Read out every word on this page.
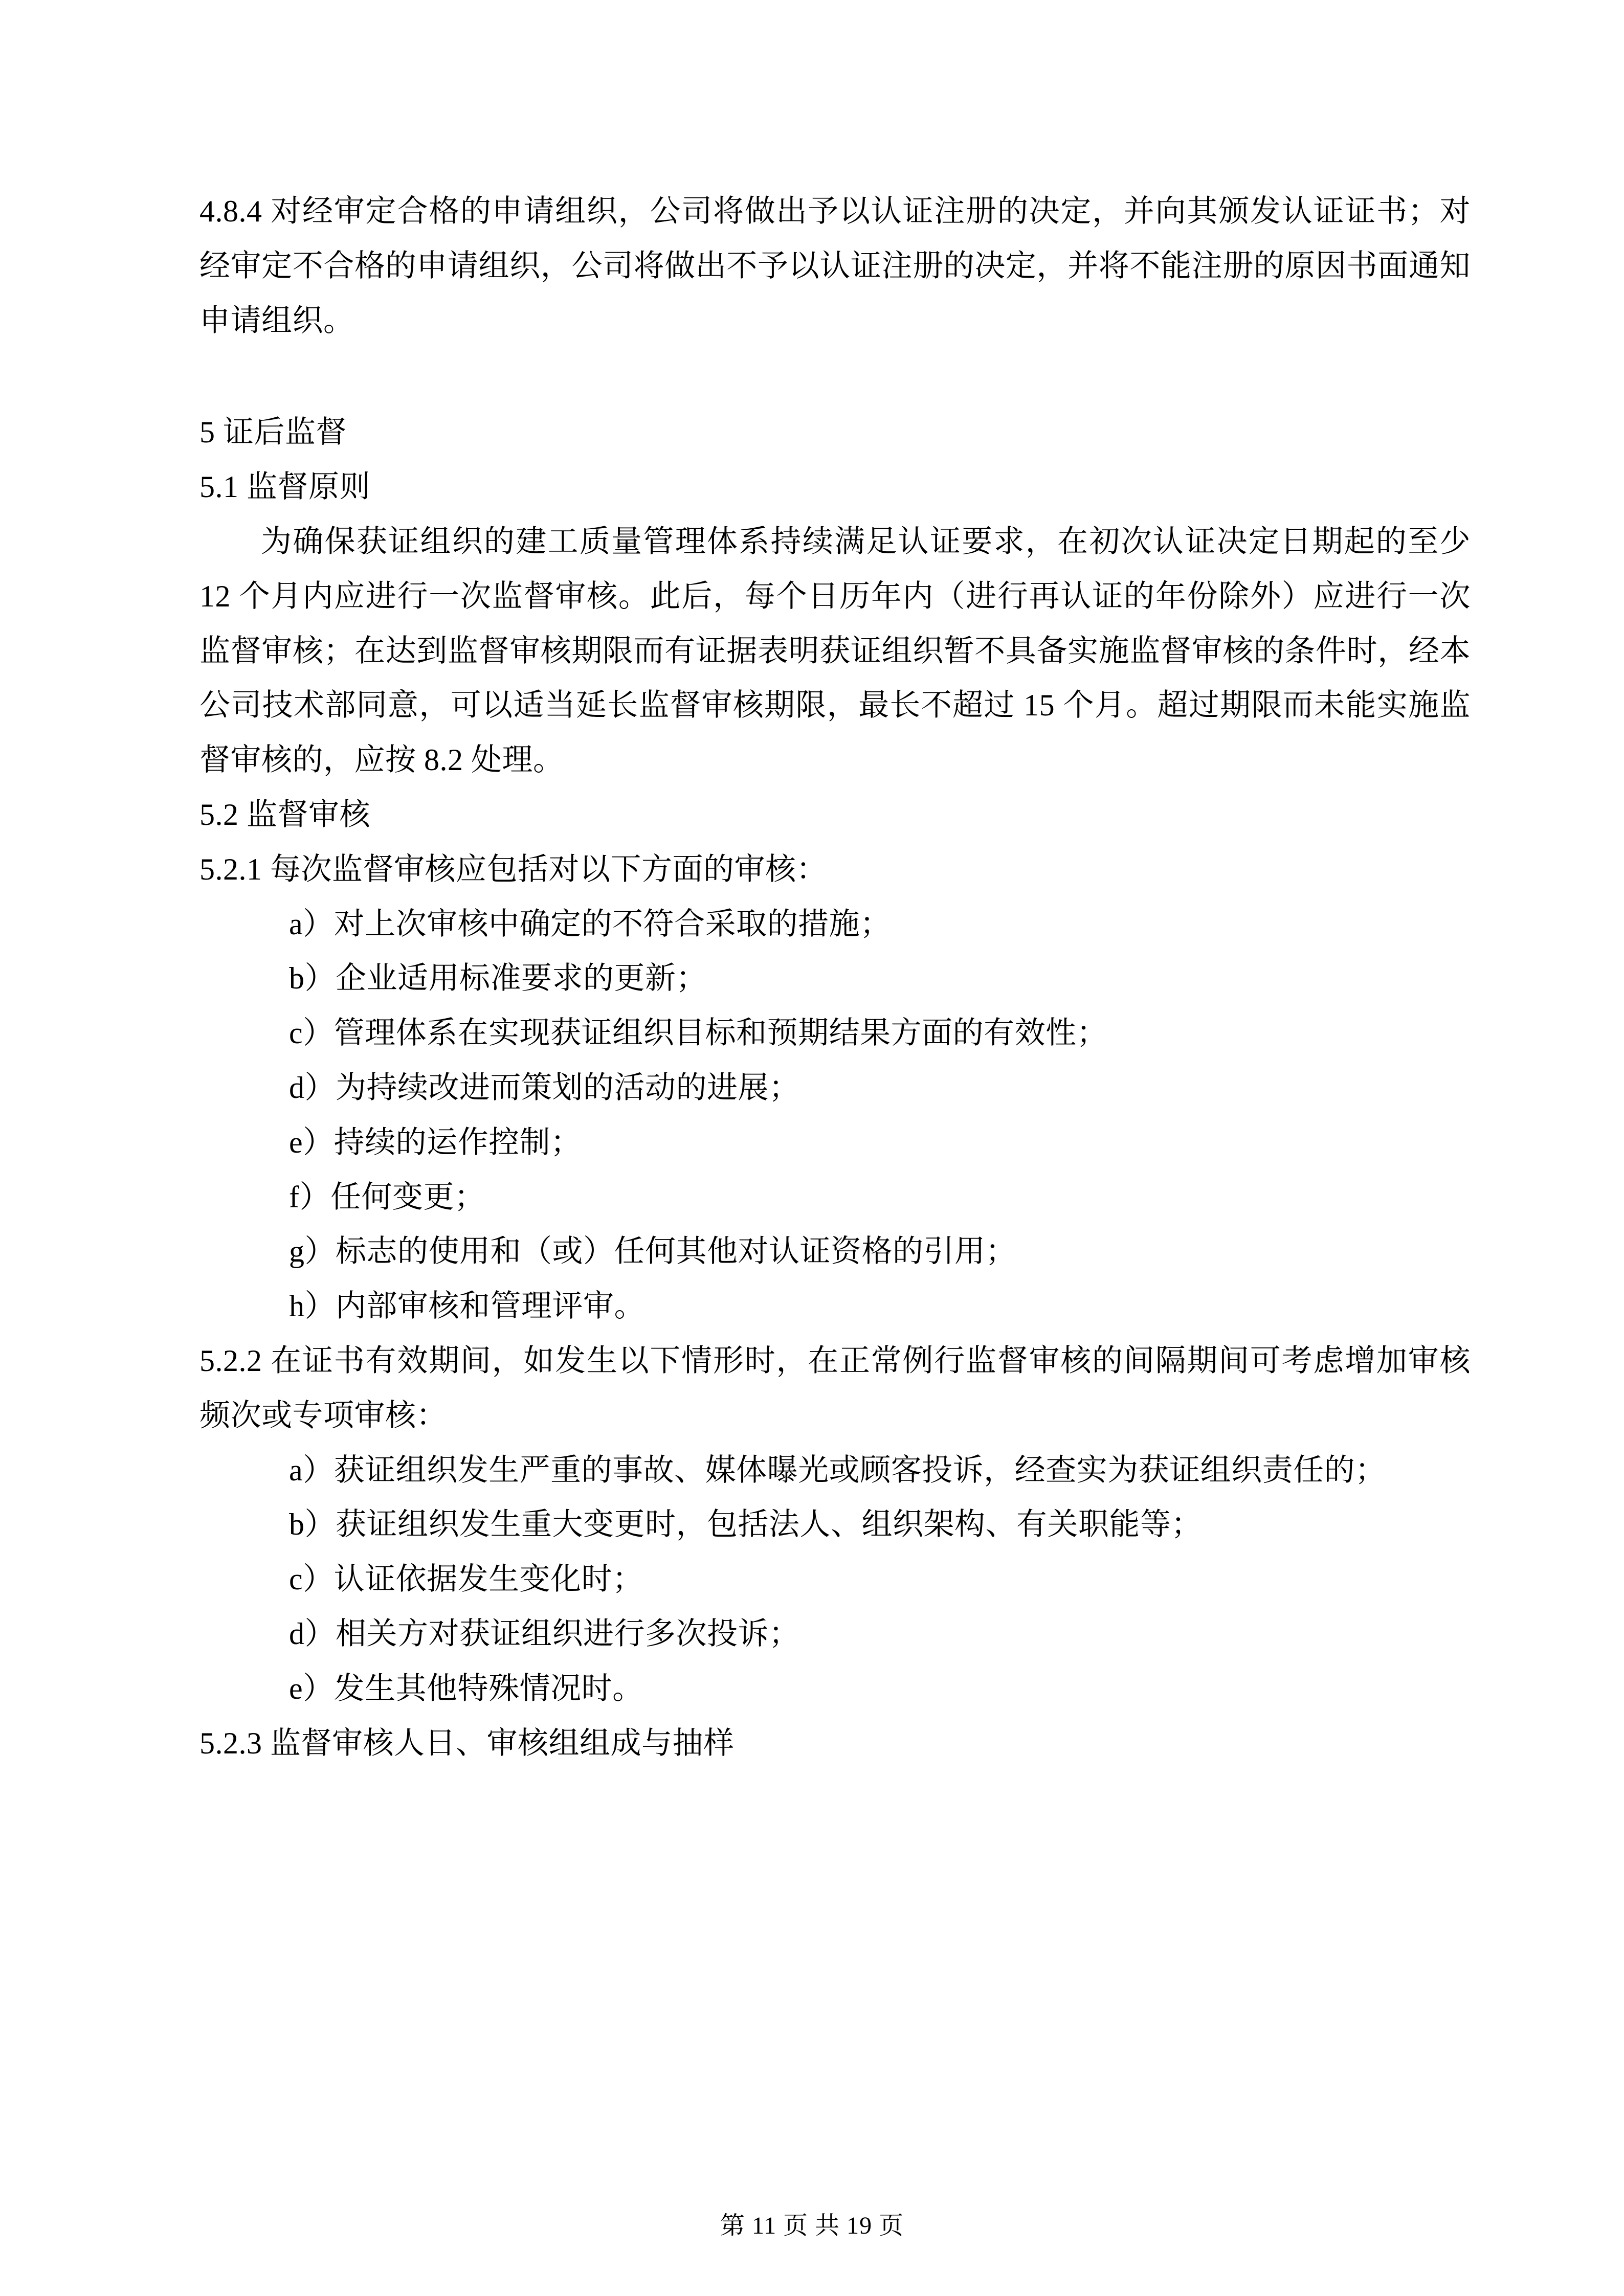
4.8.4 对经审定合格的申请组织，公司将做出予以认证注册的决定，并向其颁发认证证书；对经审定不合格的申请组织，公司将做出不予以认证注册的决定，并将不能注册的原因书面通知申请组织。

5 证后监督

5.1 监督原则

为确保获证组织的建工质量管理体系持续满足认证要求，在初次认证决定日期起的至少 12 个月内应进行一次监督审核。此后，每个日历年内（进行再认证的年份除外）应进行一次监督审核；在达到监督审核期限而有证据表明获证组织暂不具备实施监督审核的条件时，经本公司技术部同意，可以适当延长监督审核期限，最长不超过 15 个月。超过期限而未能实施监督审核的，应按 8.2 处理。

5.2 监督审核

5.2.1 每次监督审核应包括对以下方面的审核：

a）对上次审核中确定的不符合采取的措施；

b）企业适用标准要求的更新；

c）管理体系在实现获证组织目标和预期结果方面的有效性；

d）为持续改进而策划的活动的进展；

e）持续的运作控制；

f）任何变更；

g）标志的使用和（或）任何其他对认证资格的引用；

h）内部审核和管理评审。

5.2.2 在证书有效期间，如发生以下情形时，在正常例行监督审核的间隔期间可考虑增加审核频次或专项审核：

a）获证组织发生严重的事故、媒体曝光或顾客投诉，经查实为获证组织责任的；

b）获证组织发生重大变更时，包括法人、组织架构、有关职能等；

c）认证依据发生变化时；

d）相关方对获证组织进行多次投诉；

e）发生其他特殊情况时。

5.2.3 监督审核人日、审核组组成与抽样

第 11 页 共 19 页
